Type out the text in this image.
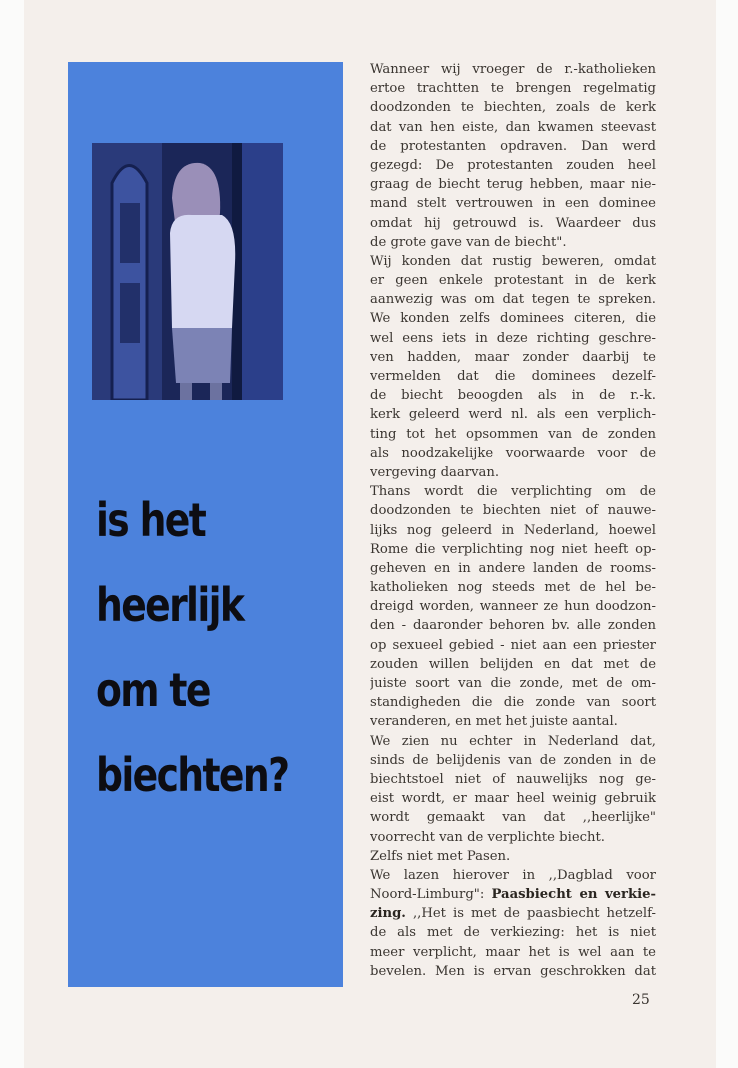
is het
heerlijk
om te
biechten?
Wanneer wij vroeger de r.-katholieken
ertoe trachtten te brengen regelmatig
doodzonden te biechten, zoals de kerk
dat van hen eiste, dan kwamen steevast
de protestanten opdraven. Dan werd
gezegd: De protestanten zouden heel
graag de biecht terug hebben, maar nie-
mand stelt vertrouwen in een dominee
omdat hij getrouwd is. Waardeer dus
de grote gave van de biecht".
Wij konden dat rustig beweren, omdat
er geen enkele protestant in de kerk
aanwezig was om dat tegen te spreken.
We konden zelfs dominees citeren, die
wel eens iets in deze richting geschre-
ven hadden, maar zonder daarbij te
vermelden dat die dominees dezelf-
de biecht beoogden als in de r.-k.
kerk geleerd werd nl. als een verplich-
ting tot het opsommen van de zonden
als noodzakelijke voorwaarde voor de
vergeving daarvan.
Thans wordt die verplichting om de
doodzonden te biechten niet of nauwe-
lijks nog geleerd in Nederland, hoewel
Rome die verplichting nog niet heeft op-
geheven en in andere landen de rooms-
katholieken nog steeds met de hel be-
dreigd worden, wanneer ze hun doodzon-
den - daaronder behoren bv. alle zonden
op sexueel gebied - niet aan een priester
zouden willen belijden en dat met de
juiste soort van die zonde, met de om-
standigheden die die zonde van soort
veranderen, en met het juiste aantal.
We zien nu echter in Nederland dat,
sinds de belijdenis van de zonden in de
biechtstoel niet of nauwelijks nog ge-
eist wordt, er maar heel weinig gebruik
wordt gemaakt van dat ,,heerlijke"
voorrecht van de verplichte biecht.
Zelfs niet met Pasen.
We lazen hierover in ,,Dagblad voor
Noord-Limburg": Paasbiecht en verkie-
zing. ,,Het is met de paasbiecht hetzelf-
de als met de verkiezing: het is niet
meer verplicht, maar het is wel aan te
bevelen. Men is ervan geschrokken dat
25
